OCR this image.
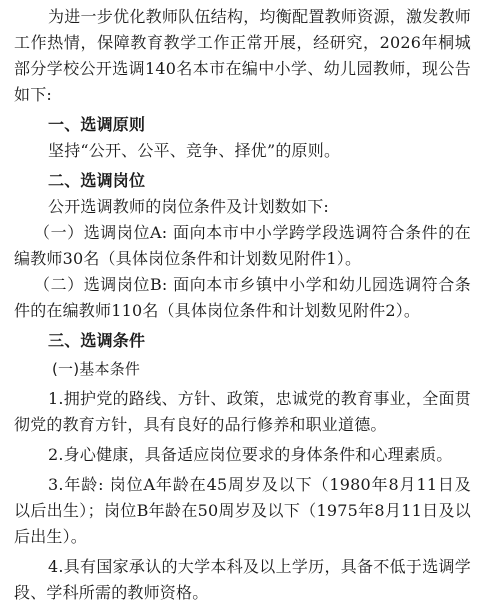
为进一步优化教师队伍结构，均衡配置教师资源，激发教师工作热情，保障教育教学工作正常开展，经研究，2026年桐城部分学校公开选调140名本市在编中小学、幼儿园教师，现公告如下:

一、选调原则

坚持“公开、公平、竞争、择优”的原则。

二、选调岗位

公开选调教师的岗位条件及计划数如下:

（一）选调岗位A: 面向本市中小学跨学段选调符合条件的在编教师30名（具体岗位条件和计划数见附件1）。

（二）选调岗位B: 面向本市乡镇中小学和幼儿园选调符合条件的在编教师110名（具体岗位条件和计划数见附件2）。

三、选调条件

(一)基本条件

1.拥护党的路线、方针、政策，忠诚党的教育事业，全面贯彻党的教育方针，具有良好的品行修养和职业道德。

2.身心健康，具备适应岗位要求的身体条件和心理素质。

3.年龄: 岗位A年龄在45周岁及以下（1980年8月11日及以后出生）；岗位B年龄在50周岁及以下（1975年8月11日及以后出生）。

4.具有国家承认的大学本科及以上学历，具备不低于选调学段、学科所需的教师资格。
